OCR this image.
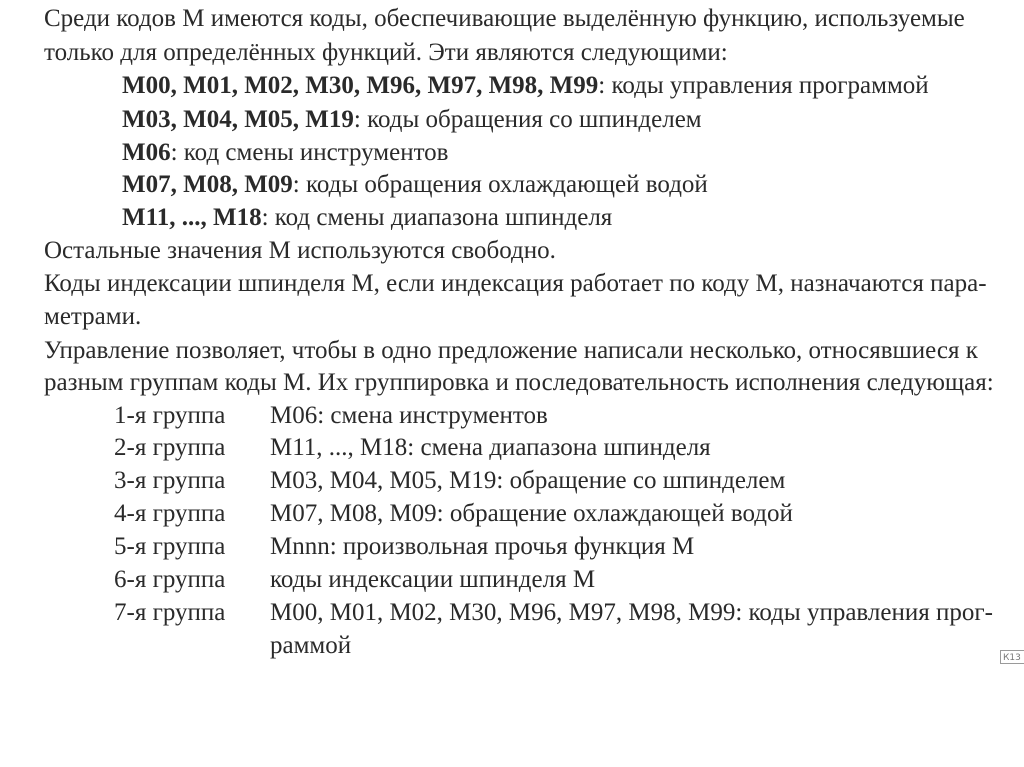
Среди кодов М имеются коды, обеспечивающие выделённую функцию, используемые
только для определённых функций. Эти являются следующими:
М00, М01, М02, М30, М96, М97, М98, М99: коды управления программой
М03, М04, М05, М19: коды обращения со шпинделем
М06: код смены инструментов
М07, М08, М09: коды обращения охлаждающей водой
М11, ..., М18: код смены диапазона шпинделя
Остальные значения М используются свободно.
Коды индексации шпинделя М, если индексация работает по коду М, назначаются пара-
метрами.
Управление позволяет, чтобы в одно предложение написали несколько, относявшиеся к
разным группам коды М. Их группировка и последовательность исполнения следующая:
1-я группа М06: смена инструментов
2-я группа М11, ..., М18: смена диапазона шпинделя
3-я группа М03, М04, М05, М19: обращение со шпинделем
4-я группа М07, М08, М09: обращение охлаждающей водой
5-я группа Mnnn: произвольная прочья функция М
6-я группа коды индексации шпинделя М
7-я группа М00, М01, М02, М30, М96, М97, М98, М99: коды управления прог-
раммой	К13
